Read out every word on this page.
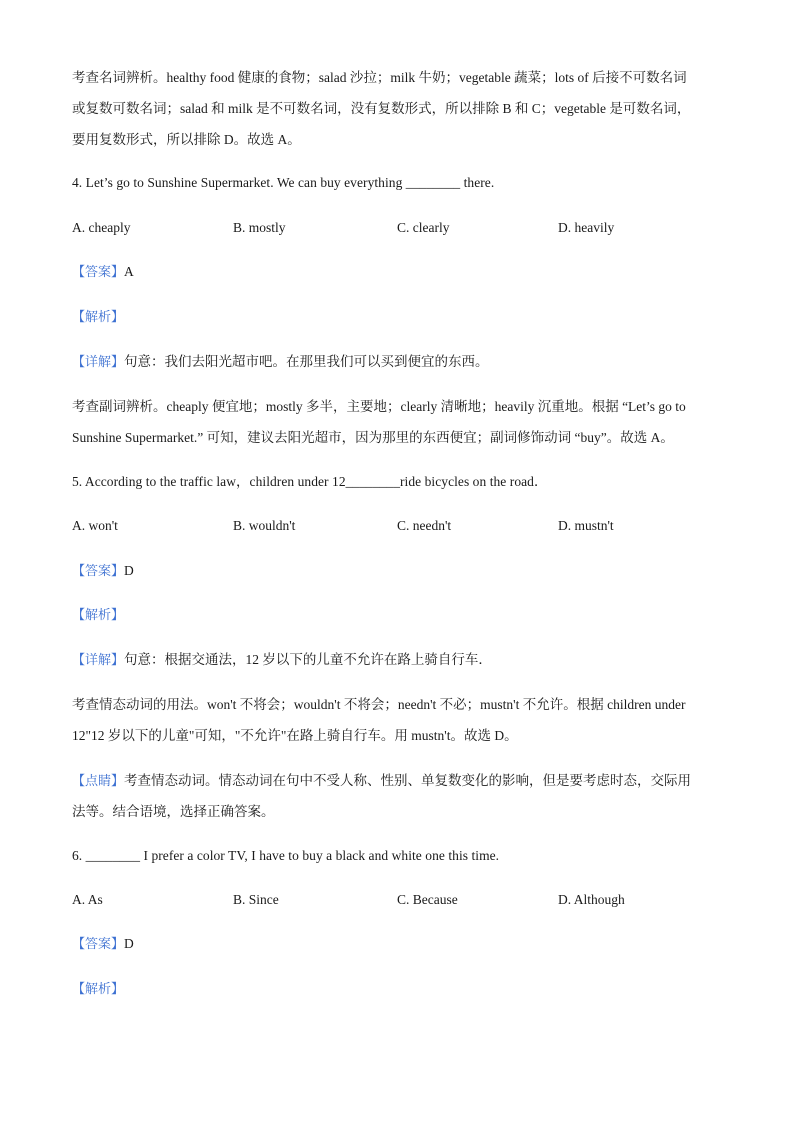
考查名词辨析。healthy food 健康的食物；salad 沙拉；milk 牛奶；vegetable 蔬菜；lots of 后接不可数名词
或复数可数名词；salad 和 milk 是不可数名词，没有复数形式，所以排除 B 和 C；vegetable 是可数名词，
要用复数形式，所以排除 D。故选 A。
4. Let’s go to Sunshine Supermarket. We can buy everything ________ there.
A. cheaply	B. mostly	C. clearly	D. heavily
【答案】A
【解析】
【详解】句意：我们去阳光超市吧。在那里我们可以买到便宜的东西。
考查副词辨析。cheaply 便宜地；mostly 多半，主要地；clearly 清晰地；heavily 沉重地。根据 “Let’s go to
Sunshine Supermarket.” 可知，建议去阳光超市，因为那里的东西便宜；副词修饰动词 “buy”。故选 A。
5. According to the traffic law，children under 12________ride bicycles on the road．
A. won't	B. wouldn't	C. needn't	D. mustn't
【答案】D
【解析】
【详解】句意：根据交通法，12 岁以下的儿童不允许在路上骑自行车．
考查情态动词的用法。won't 不将会；wouldn't 不将会；needn't 不必；mustn't 不允许。根据 children under
12"12 岁以下的儿童"可知，"不允许"在路上骑自行车。用 mustn't。故选 D。
【点睛】考查情态动词。情态动词在句中不受人称、性别、单复数变化的影响，但是要考虑时态，交际用
法等。结合语境，选择正确答案。
6. ________ I prefer a color TV, I have to buy a black and white one this time.
A. As	B. Since	C. Because	D. Although
【答案】D
【解析】
